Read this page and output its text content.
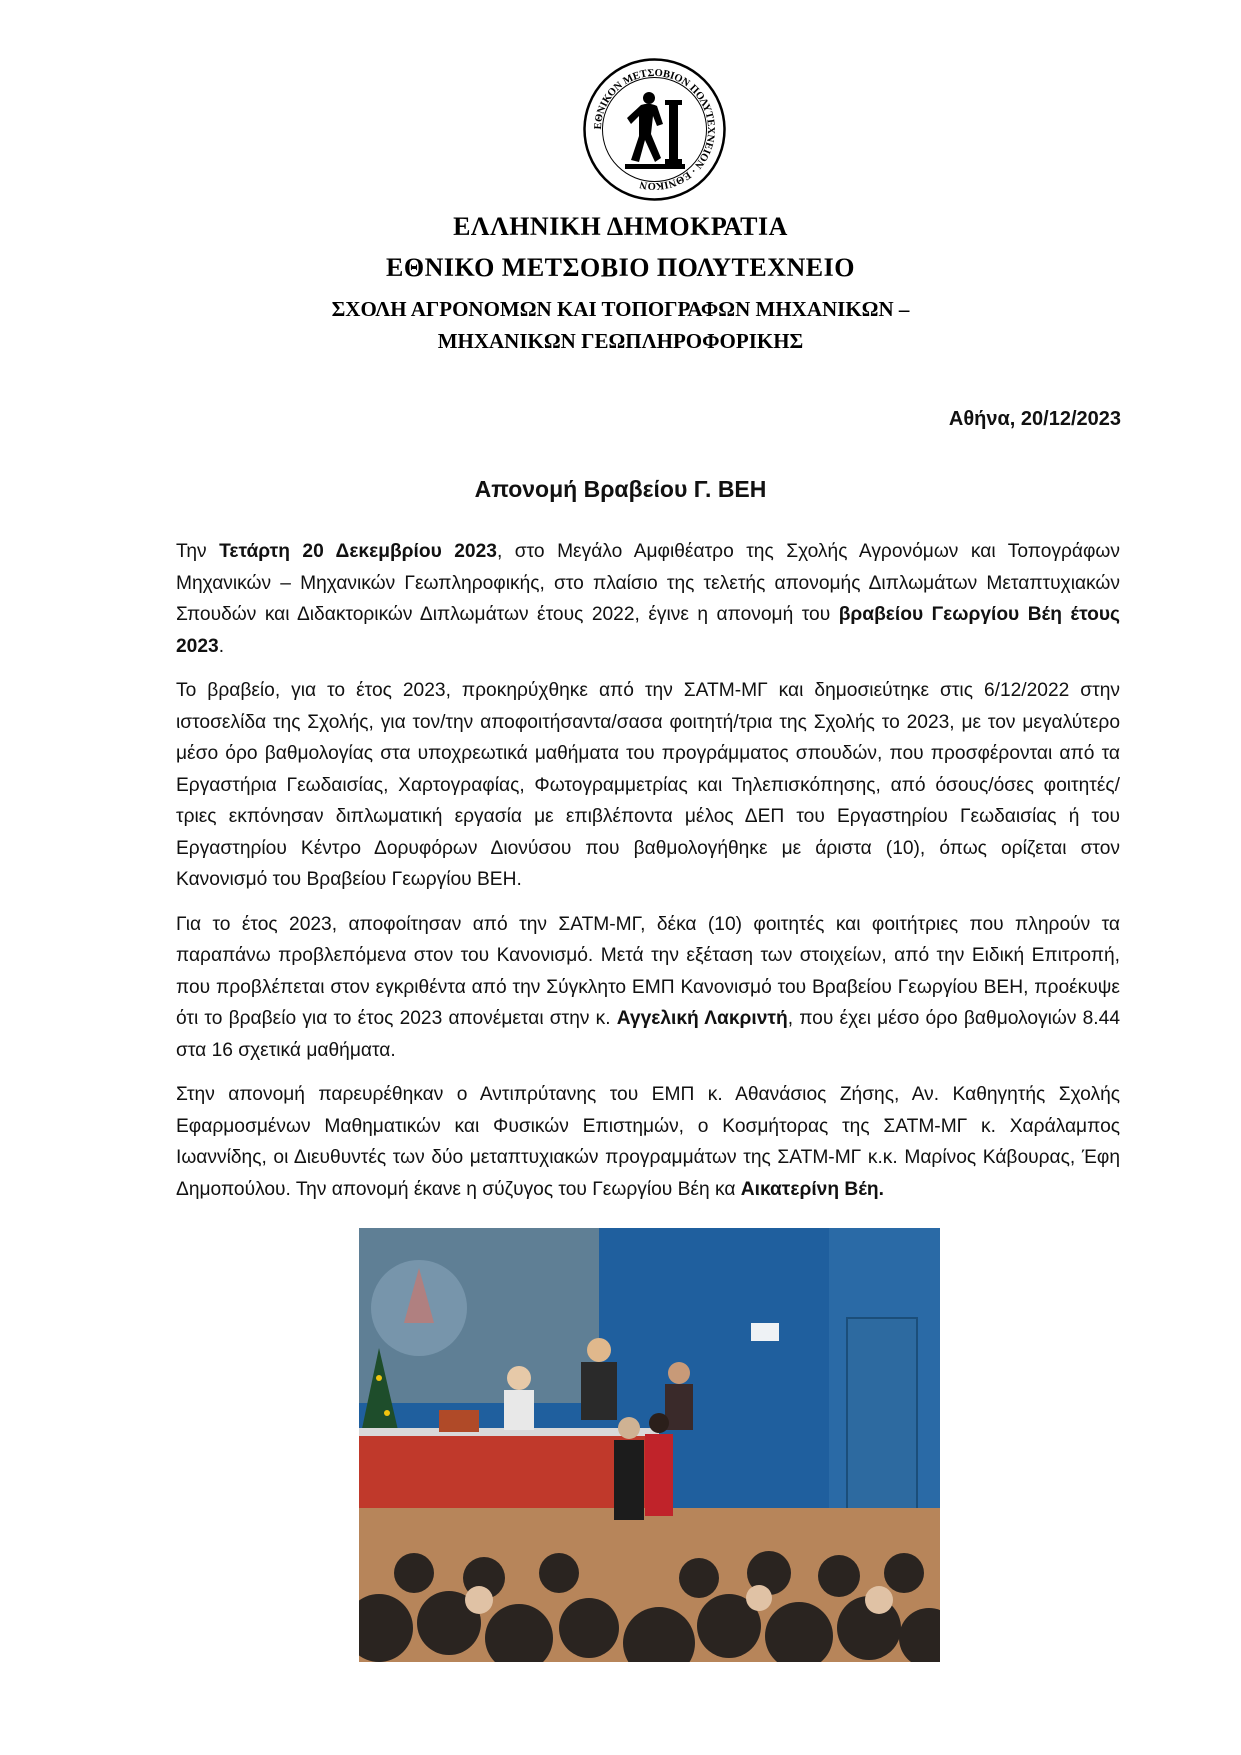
ΕΘΝΙΚΟΝ ΜΕΤΣΟΒΙΟΝ ΠΟΛΥΤΕΧΝΕΙΟΝ · ΕΘΝΙΚΟΝ
ΕΛΛΗΝΙΚΗ ΔΗΜΟΚΡΑΤΙΑ
ΕΘΝΙΚΟ ΜΕΤΣΟΒΙΟ ΠΟΛΥΤΕΧΝΕΙΟ
ΣΧΟΛΗ ΑΓΡΟΝΟΜΩΝ ΚΑΙ ΤΟΠΟΓΡΑΦΩΝ ΜΗΧΑΝΙΚΩΝ –
ΜΗΧΑΝΙΚΩΝ ΓΕΩΠΛΗΡΟΦΟΡΙΚΗΣ
Αθήνα, 20/12/2023
Απονομή Βραβείου Γ. ΒΕΗ

Την Τετάρτη 20 Δεκεμβρίου 2023, στο Μεγάλο Αμφιθέατρο της Σχολής Αγρονόμων και Τοπογράφων Μηχανικών – Μηχανικών Γεωπληροφικής, στο πλαίσιο της τελετής απονομής Διπλωμάτων Μεταπτυχιακών Σπουδών και Διδακτορικών Διπλωμάτων έτους 2022, έγινε η απονομή του βραβείου Γεωργίου Βέη έτους 2023.

Το βραβείο, για το έτος 2023, προκηρύχθηκε από την ΣΑΤΜ-ΜΓ και δημοσιεύτηκε στις 6/12/2022 στην ιστοσελίδα της Σχολής, για τον/την αποφοιτήσαντα/σασα φοιτητή/τρια της Σχολής το 2023, με τον μεγαλύτερο μέσο όρο βαθμολογίας στα υποχρεωτικά μαθήματα του προγράμματος σπουδών, που προσφέρονται από τα Εργαστήρια Γεωδαισίας, Χαρτογραφίας, Φωτογραμμετρίας και Τηλεπισκόπησης, από όσους/όσες φοιτητές/τριες εκπόνησαν διπλωματική εργασία με επιβλέποντα μέλος ΔΕΠ του Εργαστηρίου Γεωδαισίας ή του Εργαστηρίου Κέντρο Δορυφόρων Διονύσου που βαθμολογήθηκε με άριστα (10), όπως ορίζεται στον Κανονισμό του Βραβείου Γεωργίου ΒΕΗ.

Για το έτος 2023, αποφοίτησαν από την ΣΑΤΜ-ΜΓ, δέκα (10) φοιτητές και φοιτήτριες που πληρούν τα παραπάνω προβλεπόμενα στον του Κανονισμό. Μετά την εξέταση των στοιχείων, από την Ειδική Επιτροπή, που προβλέπεται στον εγκριθέντα από την Σύγκλητο ΕΜΠ Κανονισμό του Βραβείου Γεωργίου ΒΕΗ, προέκυψε ότι το βραβείο για το έτος 2023 απονέμεται στην κ. Αγγελική Λακριντή, που έχει μέσο όρο βαθμολογιών 8.44 στα 16 σχετικά μαθήματα.

Στην απονομή παρευρέθηκαν ο Αντιπρύτανης του ΕΜΠ κ. Αθανάσιος Ζήσης, Αν. Καθηγητής Σχολής Εφαρμοσμένων Μαθηματικών και Φυσικών Επιστημών, ο Κοσμήτορας της ΣΑΤΜ-ΜΓ κ. Χαράλαμπος Ιωαννίδης, οι Διευθυντές των δύο μεταπτυχιακών προγραμμάτων της ΣΑΤΜ-ΜΓ κ.κ. Μαρίνος Κάβουρας, Έφη Δημοπούλου. Την απονομή έκανε η σύζυγος του Γεωργίου Βέη κα Αικατερίνη Βέη.
